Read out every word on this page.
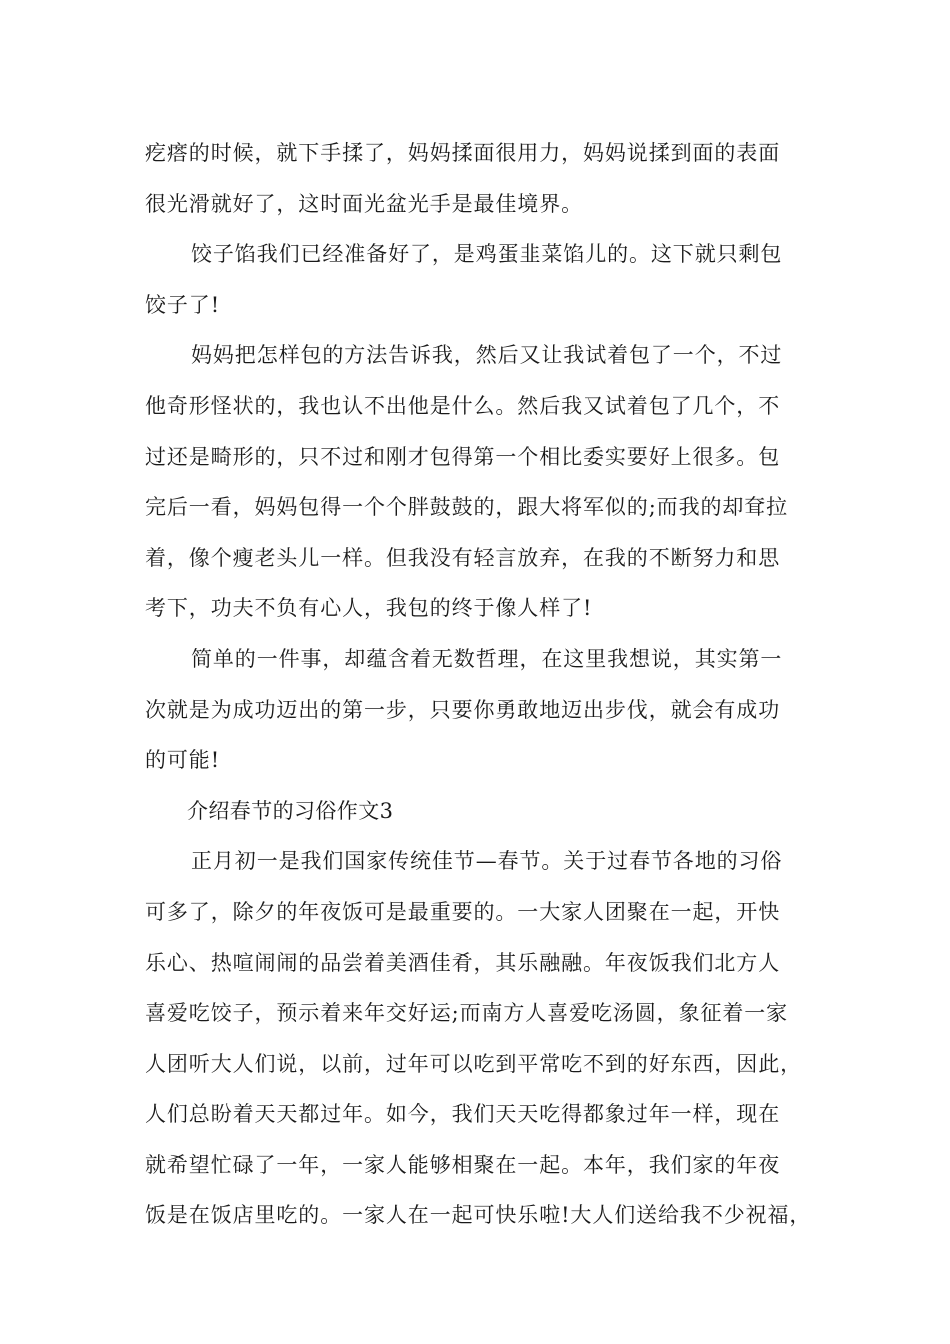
疙瘩的时候，就下手揉了，妈妈揉面很用力，妈妈说揉到面的表面
很光滑就好了，这时面光盆光手是最佳境界。
饺子馅我们已经准备好了，是鸡蛋韭菜馅儿的。这下就只剩包
饺子了!
妈妈把怎样包的方法告诉我，然后又让我试着包了一个，不过
他奇形怪状的，我也认不出他是什么。然后我又试着包了几个，不
过还是畸形的，只不过和刚才包得第一个相比委实要好上很多。包
完后一看，妈妈包得一个个胖鼓鼓的，跟大将军似的;而我的却耷拉
着，像个瘦老头儿一样。但我没有轻言放弃，在我的不断努力和思
考下，功夫不负有心人，我包的终于像人样了!
简单的一件事，却蕴含着无数哲理，在这里我想说，其实第一
次就是为成功迈出的第一步，只要你勇敢地迈出步伐，就会有成功
的可能!
介绍春节的习俗作文3
正月初一是我们国家传统佳节—春节。关于过春节各地的习俗
可多了，除夕的年夜饭可是最重要的。一大家人团聚在一起，开快
乐心、热喧闹闹的品尝着美酒佳肴，其乐融融。年夜饭我们北方人
喜爱吃饺子，预示着来年交好运;而南方人喜爱吃汤圆，象征着一家
人团听大人们说，以前，过年可以吃到平常吃不到的好东西，因此，
人们总盼着天天都过年。如今，我们天天吃得都象过年一样，现在
就希望忙碌了一年，一家人能够相聚在一起。本年，我们家的年夜
饭是在饭店里吃的。一家人在一起可快乐啦!大人们送给我不少祝福，
